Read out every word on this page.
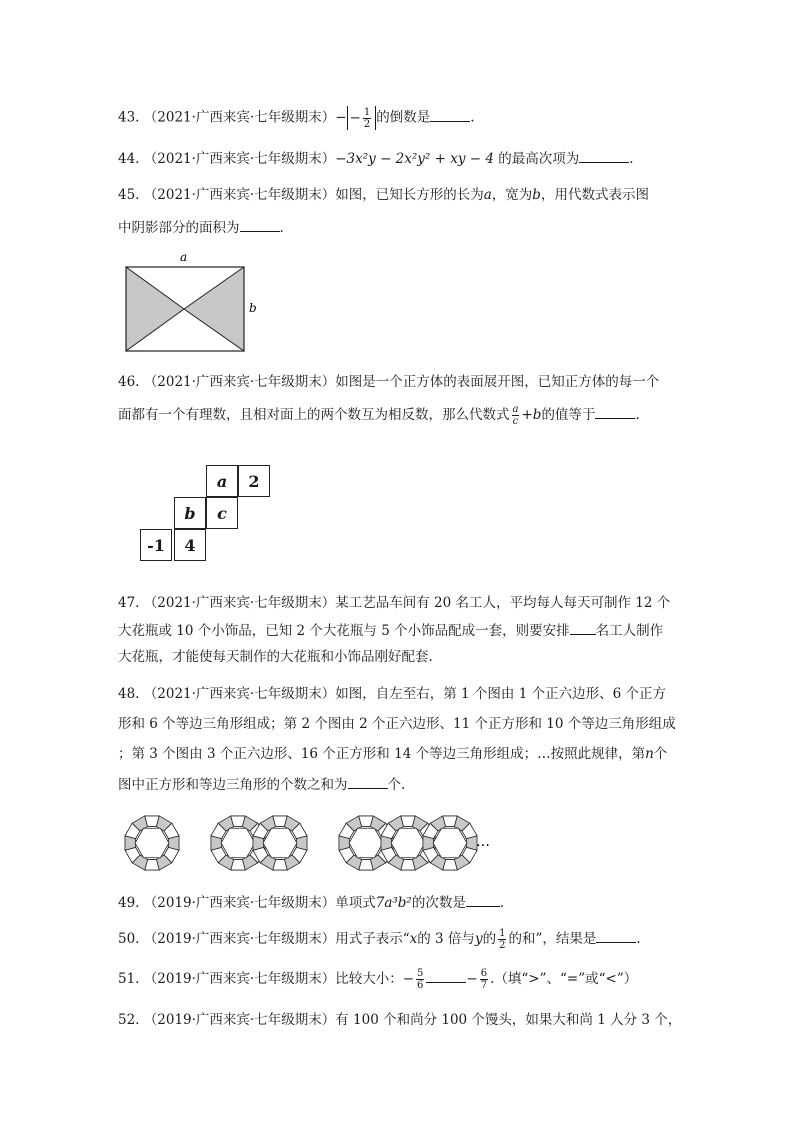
43. （2021·广西来宾·七年级期末）− − $\frac{1}{2}$ 的倒数是	.
44. （2021·广西来宾·七年级期末）−3x²y − 2x²y² + xy − 4 的最高次项为	.
45. （2021·广西来宾·七年级期末）如图，已知长方形的长为a，宽为b，用代数式表示图
中阴影部分的面积为	.
a
b
46. （2021·广西来宾·七年级期末）如图是一个正方体的表面展开图，已知正方体的每一个
面都有一个有理数，且相对面上的两个数互为相反数，那么代数式 $\frac{a}{c} +b$的值等于	.
a	2
b	c
-1	4
47. （2021·广西来宾·七年级期末）某工艺品车间有 20 名工人，平均每人每天可制作 12 个
大花瓶或 10 个小饰品，已知 2 个大花瓶与 5 个小饰品配成一套，则要安排 名工人制作
大花瓶，才能使每天制作的大花瓶和小饰品刚好配套.
48. （2021·广西来宾·七年级期末）如图，自左至右，第 1 个图由 1 个正六边形、6 个正方
形和 6 个等边三角形组成；第 2 个图由 2 个正六边形、11 个正方形和 10 个等边三角形组成
；第 3 个图由 3 个正六边形、16 个正方形和 14 个等边三角形组成；…按照此规律，第n个
图中正方形和等边三角形的个数之和为	个.
…
49. （2019·广西来宾·七年级期末）单项式7a³b²的次数是	.
50. （2019·广西来宾·七年级期末）用式子表示“x的 3 倍与y的 $\frac{1}{2}$ 的和”，结果是	.
51. （2019·广西来宾·七年级期末）比较大小：− $\frac{5}{6}$	− $\frac{6}{7}$ .（填“>”、“=”或“<”）
52. （2019·广西来宾·七年级期末）有 100 个和尚分 100 个馒头，如果大和尚 1 人分 3 个，
